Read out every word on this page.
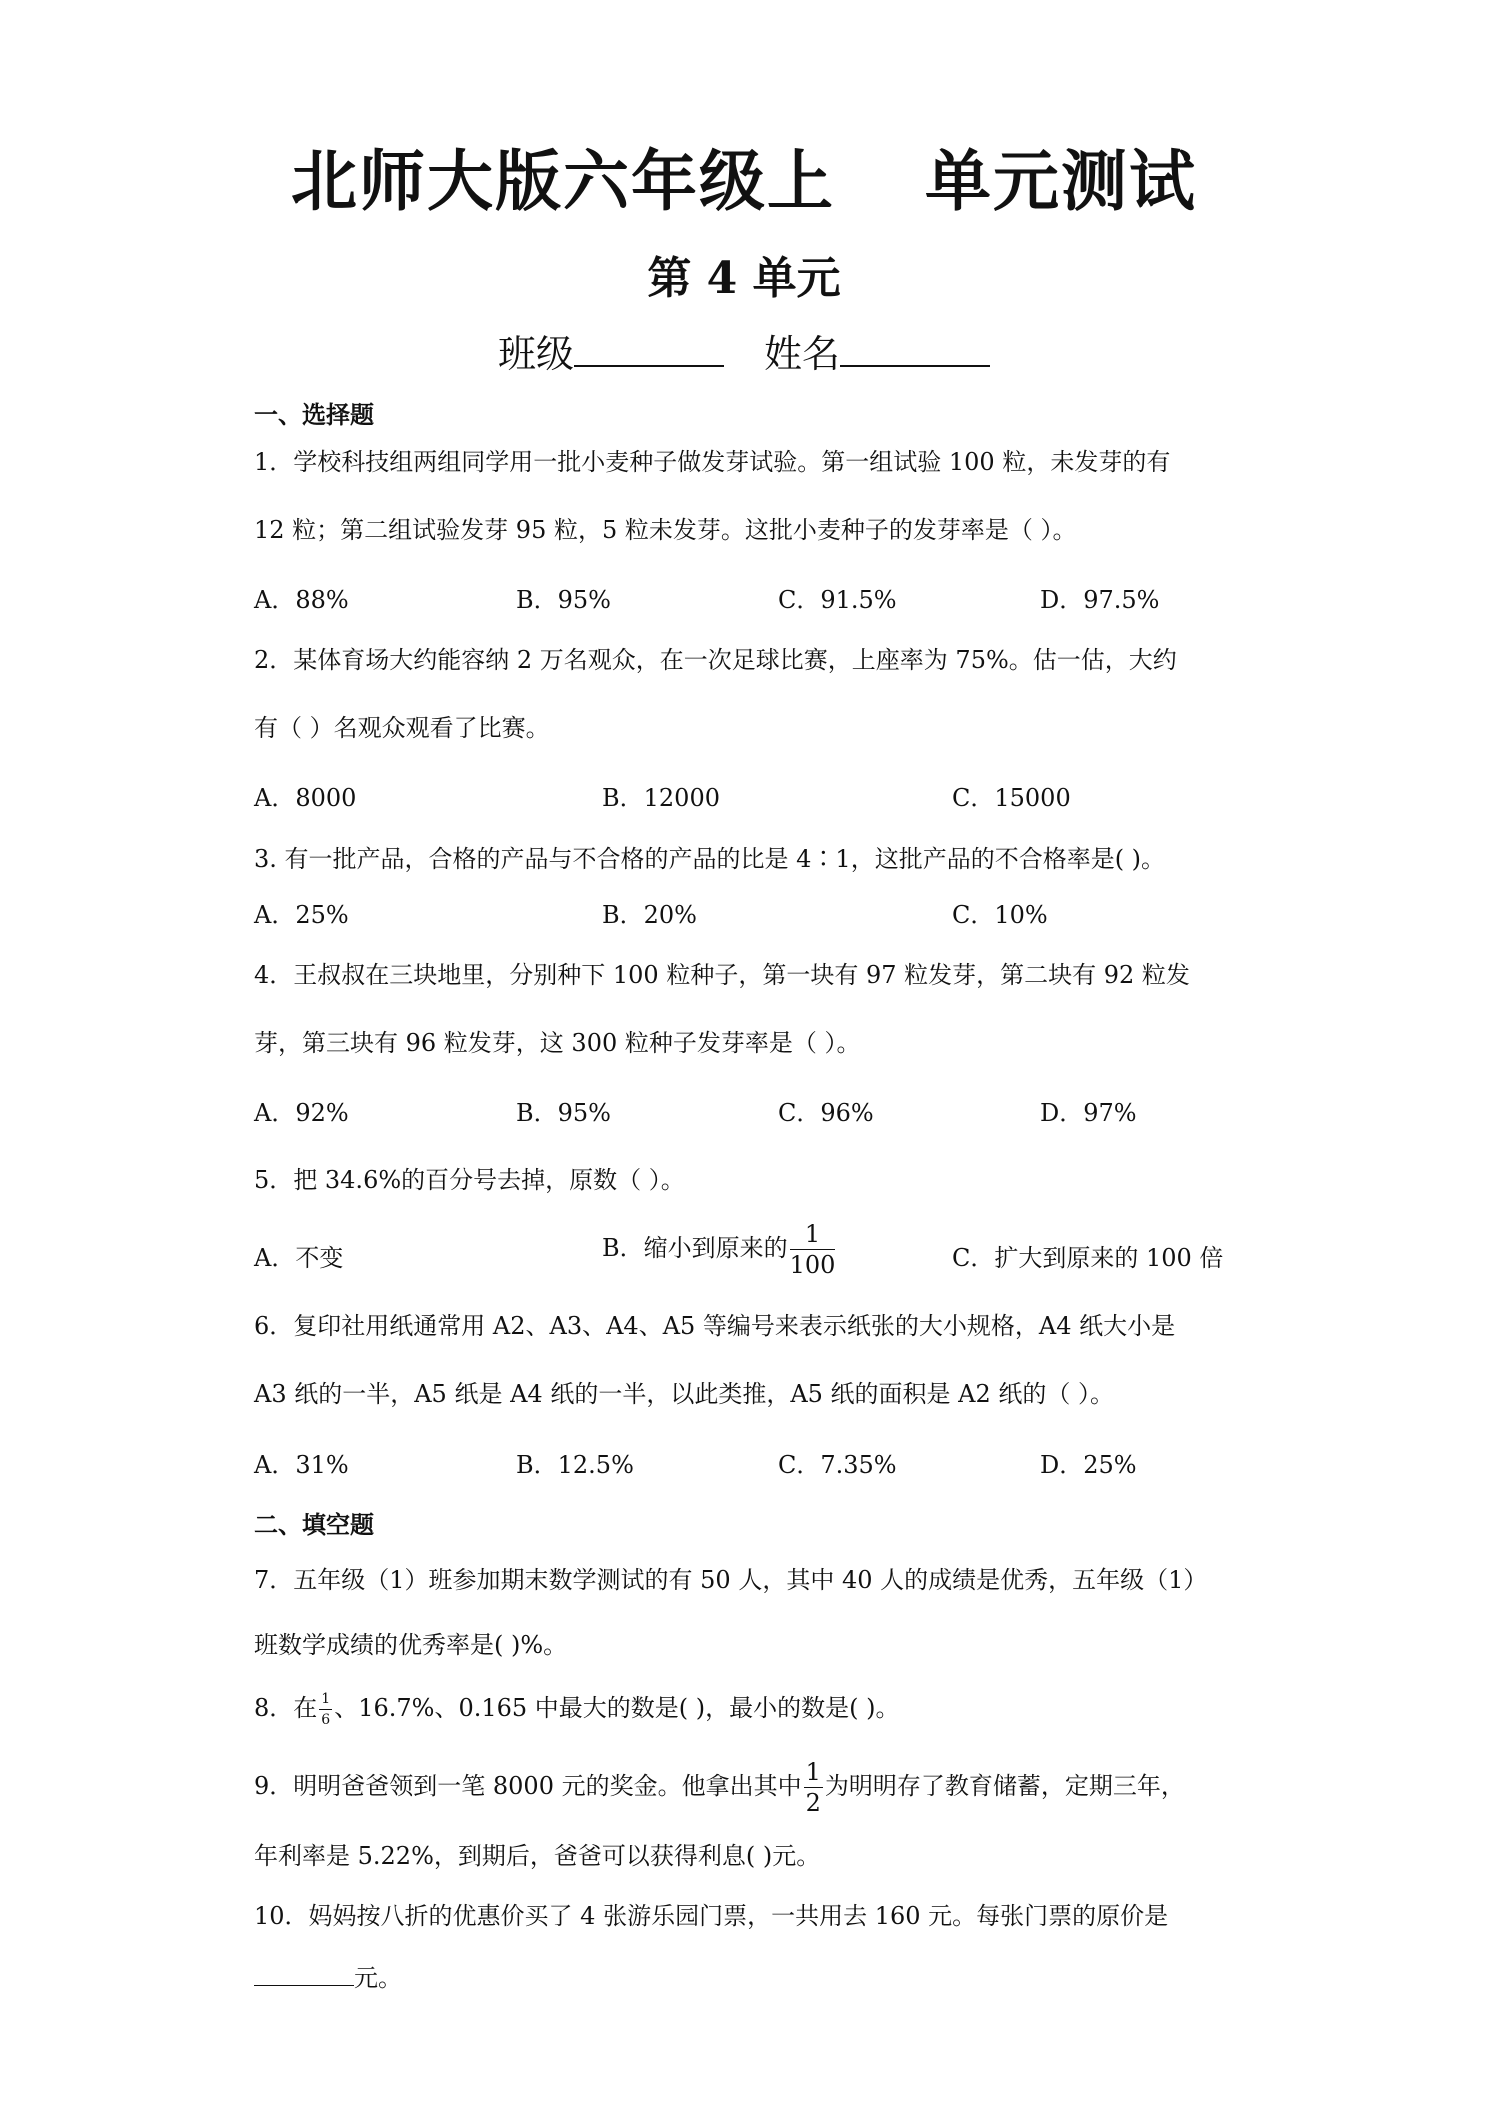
北师大版六年级上 单元测试
第 4 单元
班级	姓名
一、选择题
1．学校科技组两组同学用一批小麦种子做发芽试验。第一组试验 100 粒，未发芽的有
12 粒；第二组试验发芽 95 粒，5 粒未发芽。这批小麦种子的发芽率是（ ）。
A．88%	B．95%	C．91.5%	D．97.5%
2．某体育场大约能容纳 2 万名观众，在一次足球比赛，上座率为 75%。估一估，大约
有（ ）名观众观看了比赛。
A．8000	B．12000	C．15000
3. 有一批产品，合格的产品与不合格的产品的比是 4∶1，这批产品的不合格率是( )。
A．25%	B．20%	C．10%
4．王叔叔在三块地里，分别种下 100 粒种子，第一块有 97 粒发芽，第二块有 92 粒发
芽，第三块有 96 粒发芽，这 300 粒种子发芽率是（ ）。
A．92%	B．95%	C．96%	D．97%
5．把 34.6%的百分号去掉，原数（ ）。
A．不变	B．缩小到原来的 $\frac{1}{100}$	C．扩大到原来的 100 倍
6．复印社用纸通常用 A2、A3、A4、A5 等编号来表示纸张的大小规格，A4 纸大小是
A3 纸的一半，A5 纸是 A4 纸的一半，以此类推，A5 纸的面积是 A2 纸的（ ）。
A．31%	B．12.5%	C．7.35%	D．25%
二、填空题
7．五年级（1）班参加期末数学测试的有 50 人，其中 40 人的成绩是优秀，五年级（1）
班数学成绩的优秀率是( )%。
8．在 $\frac{1}{6}$ 、16.7%、0.165 中最大的数是( )，最小的数是( )。
9．明明爸爸领到一笔 8000 元的奖金。他拿出其中 $\frac{1}{2}$ 为明明存了教育储蓄，定期三年，
年利率是 5.22%，到期后，爸爸可以获得利息( )元。
10．妈妈按八折的优惠价买了 4 张游乐园门票，一共用去 160 元。每张门票的原价是
元。
